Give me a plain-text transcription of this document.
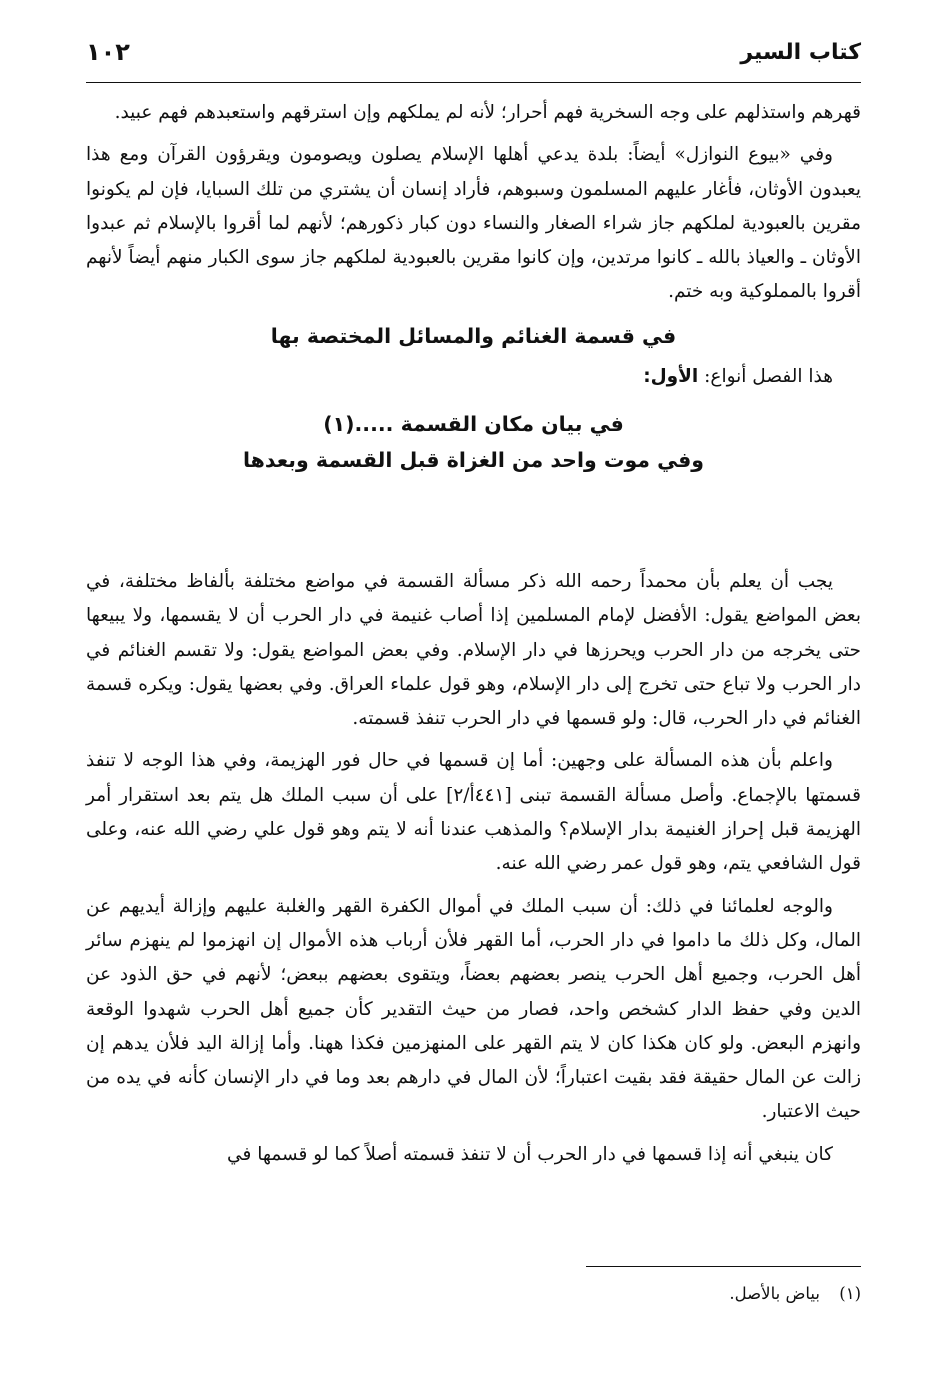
كتاب السير
١٠٢

قهرهم واستذلهم على وجه السخرية فهم أحرار؛ لأنه لم يملكهم وإن استرقهم واستعبدهم فهم عبيد.

وفي «بيوع النوازل» أيضاً: بلدة يدعي أهلها الإسلام يصلون ويصومون ويقرؤون القرآن ومع هذا يعبدون الأوثان، فأغار عليهم المسلمون وسبوهم، فأراد إنسان أن يشتري من تلك السبايا، فإن لم يكونوا مقرين بالعبودية لملكهم جاز شراء الصغار والنساء دون كبار ذكورهم؛ لأنهم لما أقروا بالإسلام ثم عبدوا الأوثان ـ والعياذ بالله ـ كانوا مرتدين، وإن كانوا مقرين بالعبودية لملكهم جاز سوى الكبار منهم أيضاً لأنهم أقروا بالمملوكية وبه ختم.

في قسمة الغنائم والمسائل المختصة بها
هذا الفصل أنواع: الأول:
في بيان مكان القسمة .....(١)
وفي موت واحد من الغزاة قبل القسمة وبعدها

يجب أن يعلم بأن محمداً رحمه الله ذكر مسألة القسمة في مواضع مختلفة بألفاظ مختلفة، في بعض المواضع يقول: الأفضل لإمام المسلمين إذا أصاب غنيمة في دار الحرب أن لا يقسمها، ولا يبيعها حتى يخرجه من دار الحرب ويحرزها في دار الإسلام. وفي بعض المواضع يقول: ولا تقسم الغنائم في دار الحرب ولا تباع حتى تخرج إلى دار الإسلام، وهو قول علماء العراق. وفي بعضها يقول: ويكره قسمة الغنائم في دار الحرب، قال: ولو قسمها في دار الحرب تنفذ قسمته.

واعلم بأن هذه المسألة على وجهين: أما إن قسمها في حال فور الهزيمة، وفي هذا الوجه لا تنفذ قسمتها بالإجماع. وأصل مسألة القسمة تبنى [٤٤١أ/٢] على أن سبب الملك هل يتم بعد استقرار أمر الهزيمة قبل إحراز الغنيمة بدار الإسلام؟ والمذهب عندنا أنه لا يتم وهو قول علي رضي الله عنه، وعلى قول الشافعي يتم، وهو قول عمر رضي الله عنه.

والوجه لعلمائنا في ذلك: أن سبب الملك في أموال الكفرة القهر والغلبة عليهم وإزالة أيديهم عن المال، وكل ذلك ما داموا في دار الحرب، أما القهر فلأن أرباب هذه الأموال إن انهزموا لم ينهزم سائر أهل الحرب، وجميع أهل الحرب ينصر بعضهم بعضاً، ويتقوى بعضهم ببعض؛ لأنهم في حق الذود عن الدين وفي حفظ الدار كشخص واحد، فصار من حيث التقدير كأن جميع أهل الحرب شهدوا الوقعة وانهزم البعض. ولو كان هكذا كان لا يتم القهر على المنهزمين فكذا ههنا. وأما إزالة اليد فلأن يدهم إن زالت عن المال حقيقة فقد بقيت اعتباراً؛ لأن المال في دارهم بعد وما في دار الإنسان كأنه في يده من حيث الاعتبار.

كان ينبغي أنه إذا قسمها في دار الحرب أن لا تنفذ قسمته أصلاً كما لو قسمها في

(١) بياض بالأصل.
